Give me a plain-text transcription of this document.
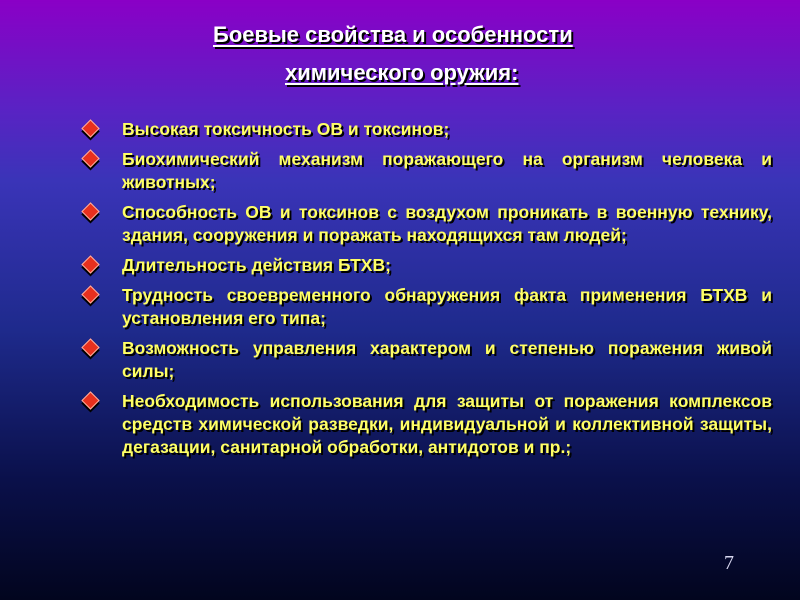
Боевые свойства и особенности
химического оружия:
Высокая токсичность ОВ и токсинов;
Биохимический механизм поражающего на организм человека и животных;
Способность ОВ и токсинов с воздухом проникать в военную технику, здания, сооружения и поражать находящихся там людей;
Длительность действия БТХВ;
Трудность своевременного обнаружения факта применения БТХВ и установления его типа;
Возможность управления характером и степенью поражения живой силы;
Необходимость использования для защиты от поражения комплексов средств химической разведки, индивидуальной и коллективной защиты, дегазации, санитарной обработки, антидотов и пр.;
7
